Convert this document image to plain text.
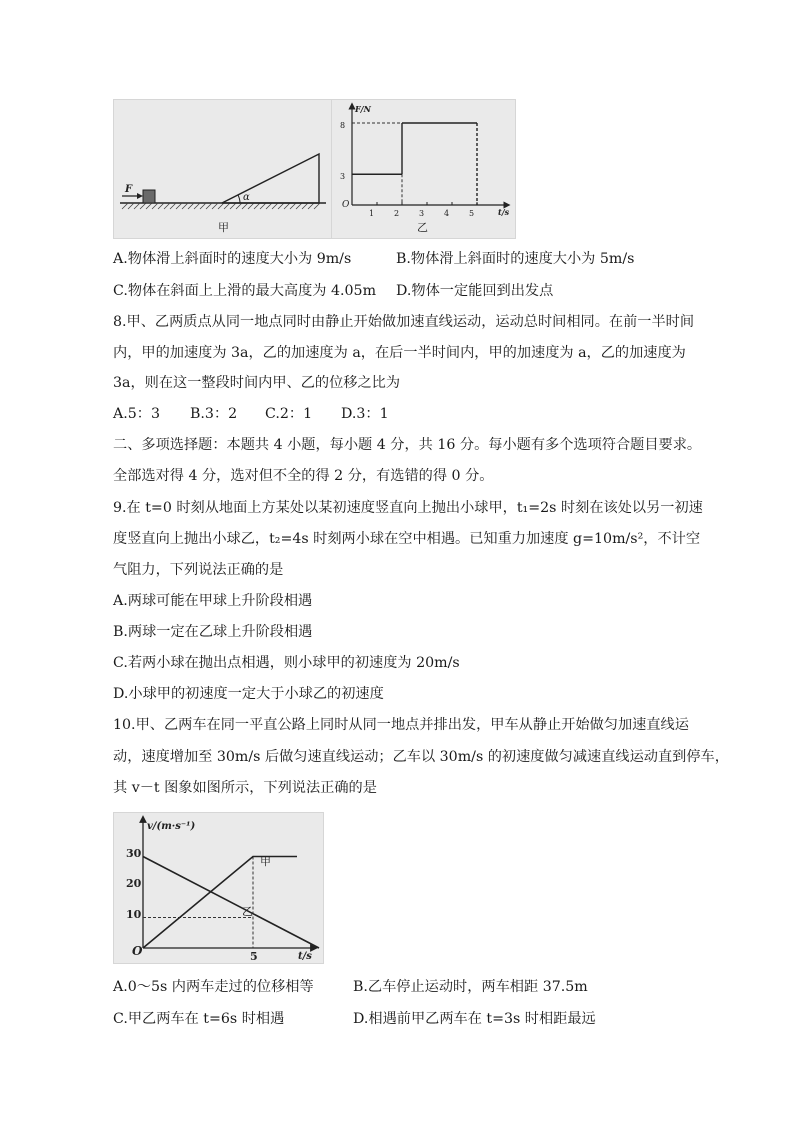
F
α
甲
F/N
t/s
O
3
8
1 2 3 4 5
乙
A.物体滑上斜面时的速度大小为 9m/s	B.物体滑上斜面时的速度大小为 5m/s
C.物体在斜面上上滑的最大高度为 4.05m D.物体一定能回到出发点
8.甲、乙两质点从同一地点同时由静止开始做加速直线运动，运动总时间相同。在前一半时间
内，甲的加速度为 3a，乙的加速度为 a，在后一半时间内，甲的加速度为 a，乙的加速度为
3a，则在这一整段时间内甲、乙的位移之比为
A.5：3 B.3：2 C.2：1 D.3：1
二、多项选择题：本题共 4 小题，每小题 4 分，共 16 分。每小题有多个选项符合题目要求。
全部选对得 4 分，选对但不全的得 2 分，有选错的得 0 分。
9.在 t=0 时刻从地面上方某处以某初速度竖直向上抛出小球甲，t₁=2s 时刻在该处以另一初速
度竖直向上抛出小球乙，t₂=4s 时刻两小球在空中相遇。已知重力加速度 g=10m/s²，不计空
气阻力，下列说法正确的是
A.两球可能在甲球上升阶段相遇
B.两球一定在乙球上升阶段相遇
C.若两小球在抛出点相遇，则小球甲的初速度为 20m/s
D.小球甲的初速度一定大于小球乙的初速度
10.甲、乙两车在同一平直公路上同时从同一地点并排出发，甲车从静止开始做匀加速直线运
动，速度增加至 30m/s 后做匀速直线运动；乙车以 30m/s 的初速度做匀减速直线运动直到停车，
其 v－t 图象如图所示，下列说法正确的是
v/(m·s⁻¹)
t/s
O
10
20
30
5
甲
乙
A.0～5s 内两车走过的位移相等	B.乙车停止运动时，两车相距 37.5m
C.甲乙两车在 t=6s 时相遇	D.相遇前甲乙两车在 t=3s 时相距最远
